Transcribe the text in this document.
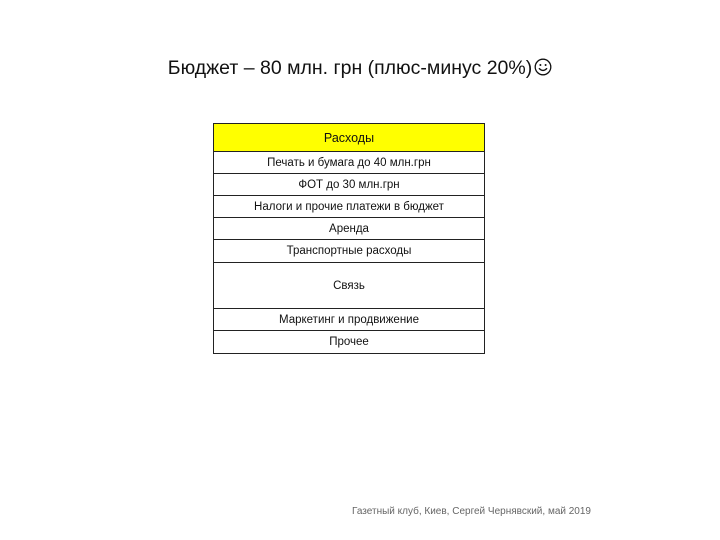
Бюджет – 80 млн. грн (плюс-минус 20%)
Расходы
Печать и бумага до 40 млн.грн
ФОТ до 30 млн.грн
Налоги и прочие платежи в бюджет
Аренда
Транспортные расходы
Связь
Маркетинг и продвижение
Прочее
Газетный клуб, Киев, Сергей Чернявский, май 2019
